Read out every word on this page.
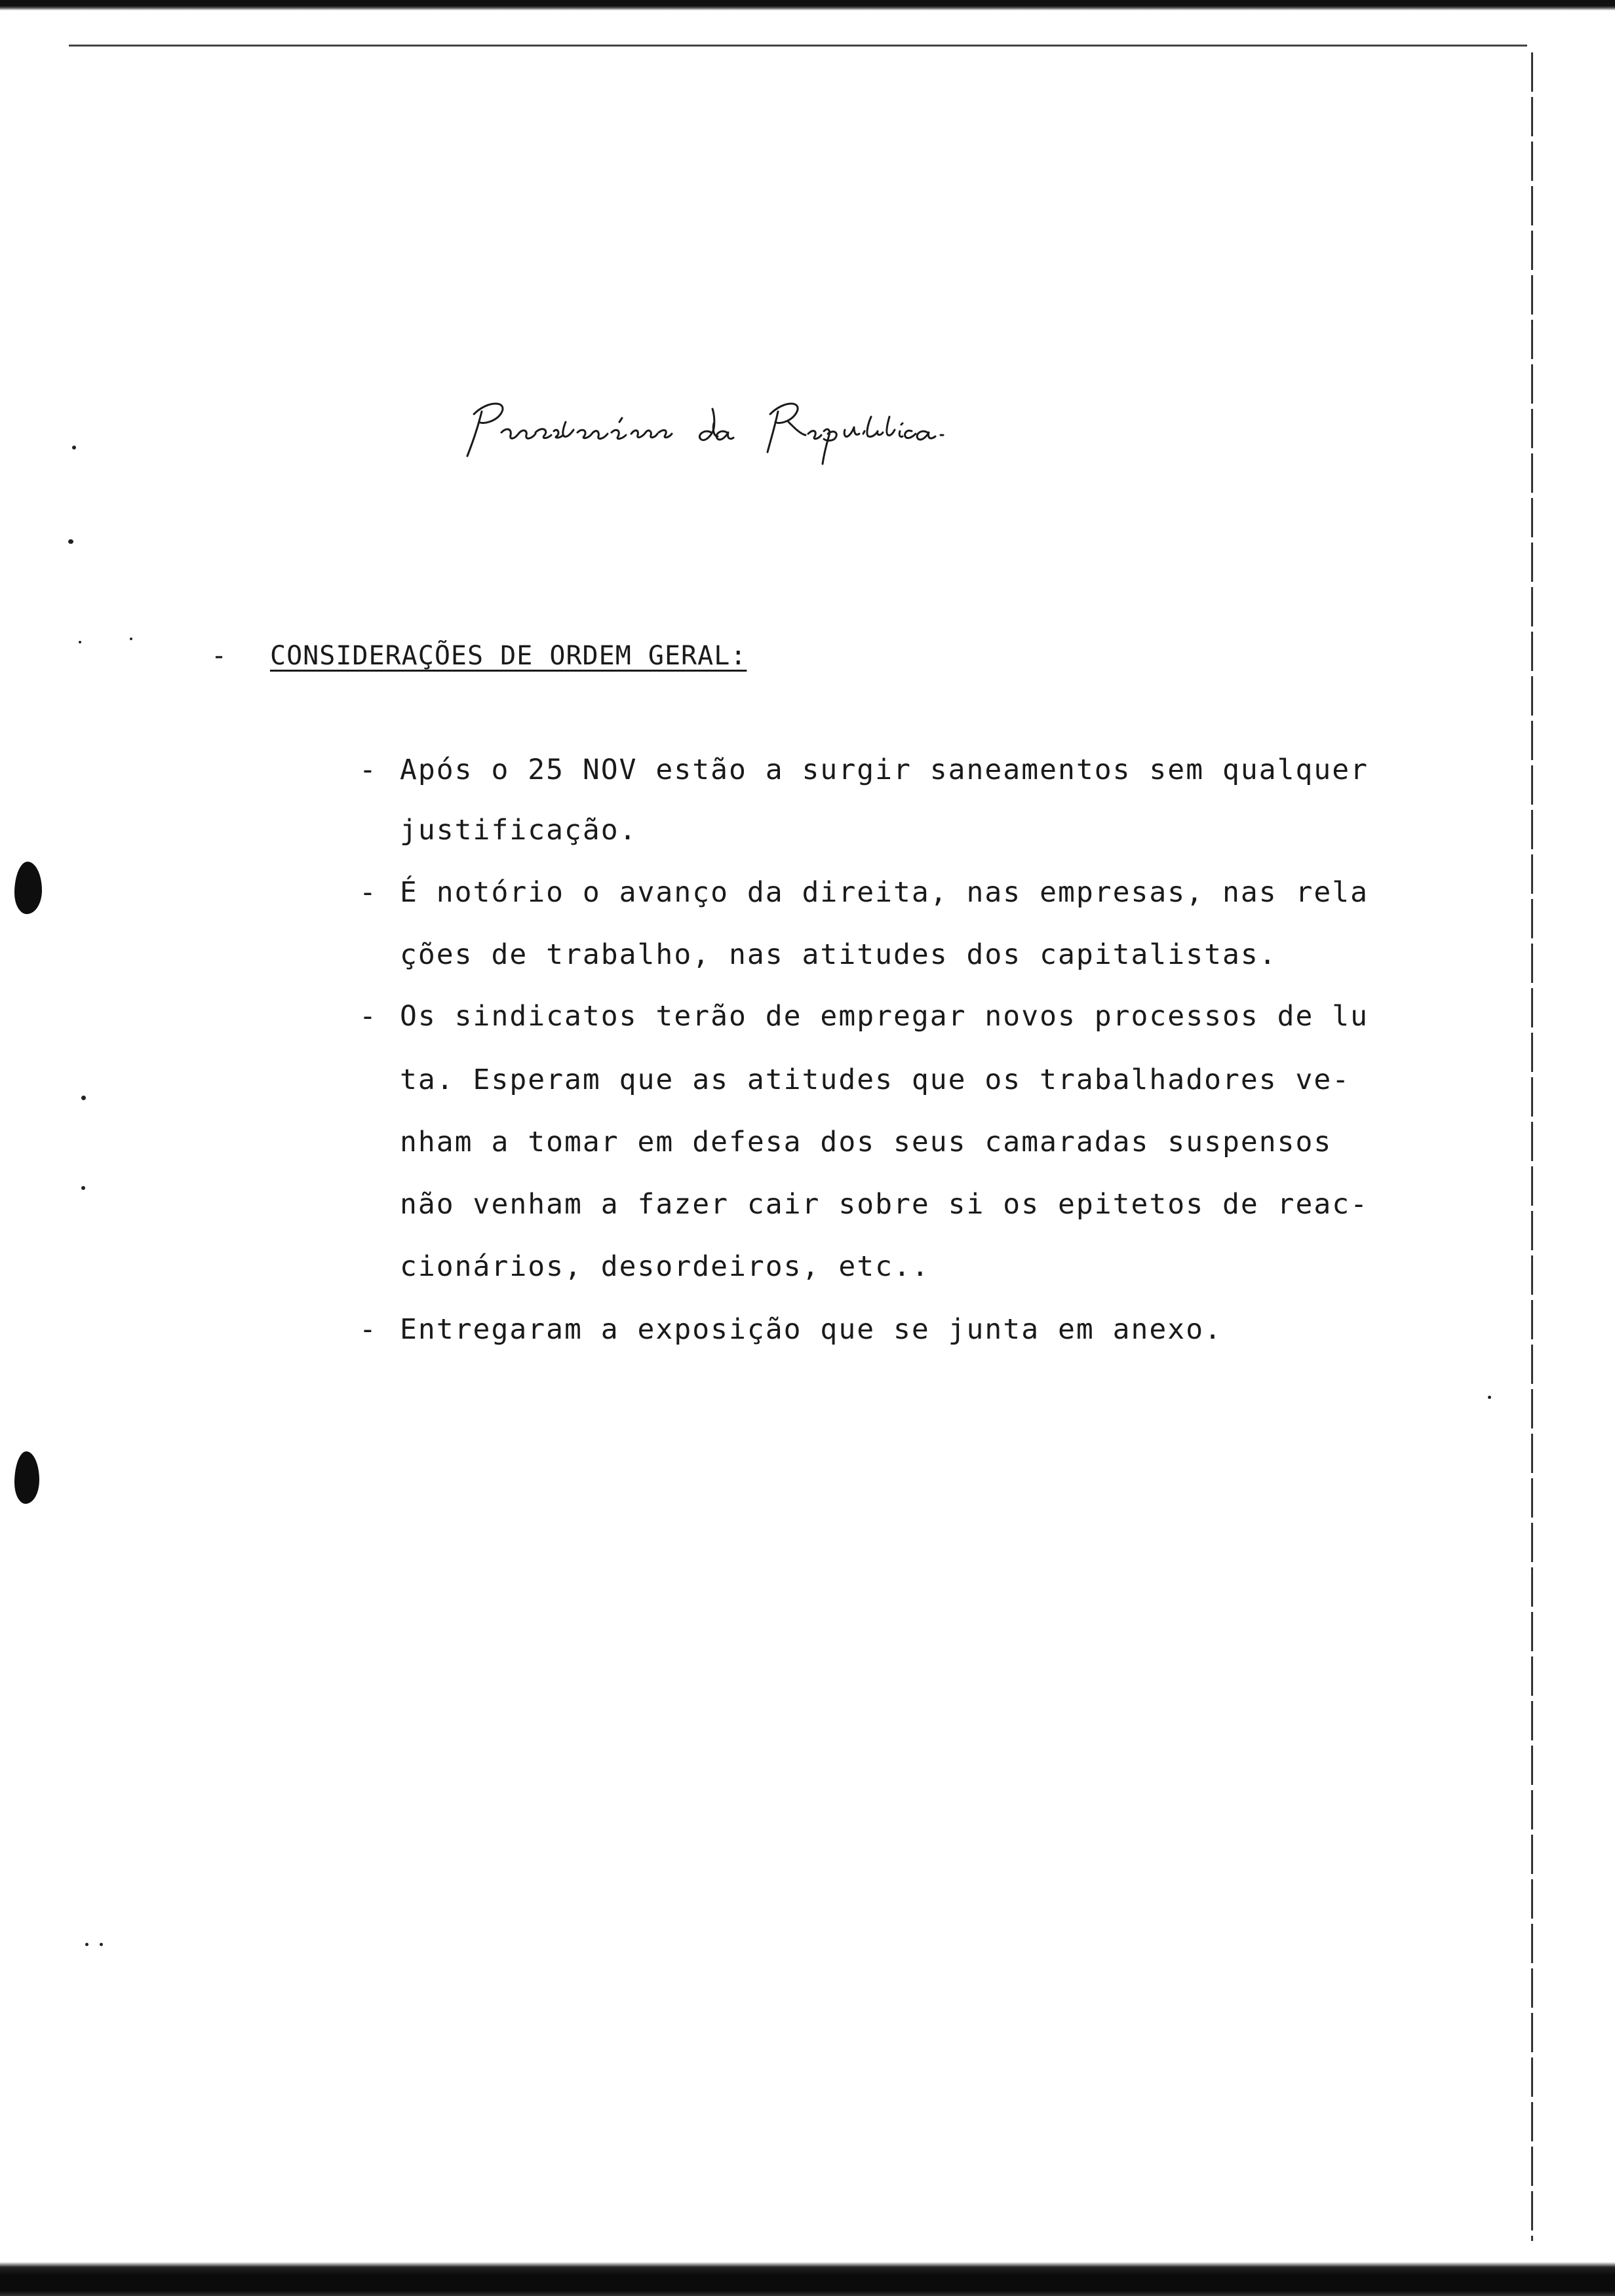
- CONSIDERAÇÕES DE ORDEM GERAL:
- Após o 25 NOV estão a surgir saneamentos sem qualquer
justificação.
- É notório o avanço da direita, nas empresas, nas rela
ções de trabalho, nas atitudes dos capitalistas.
- Os sindicatos terão de empregar novos processos de lu
ta. Esperam que as atitudes que os trabalhadores ve-
nham a tomar em defesa dos seus camaradas suspensos
não venham a fazer cair sobre si os epitetos de reac-
cionários, desordeiros, etc..
- Entregaram a exposição que se junta em anexo.
